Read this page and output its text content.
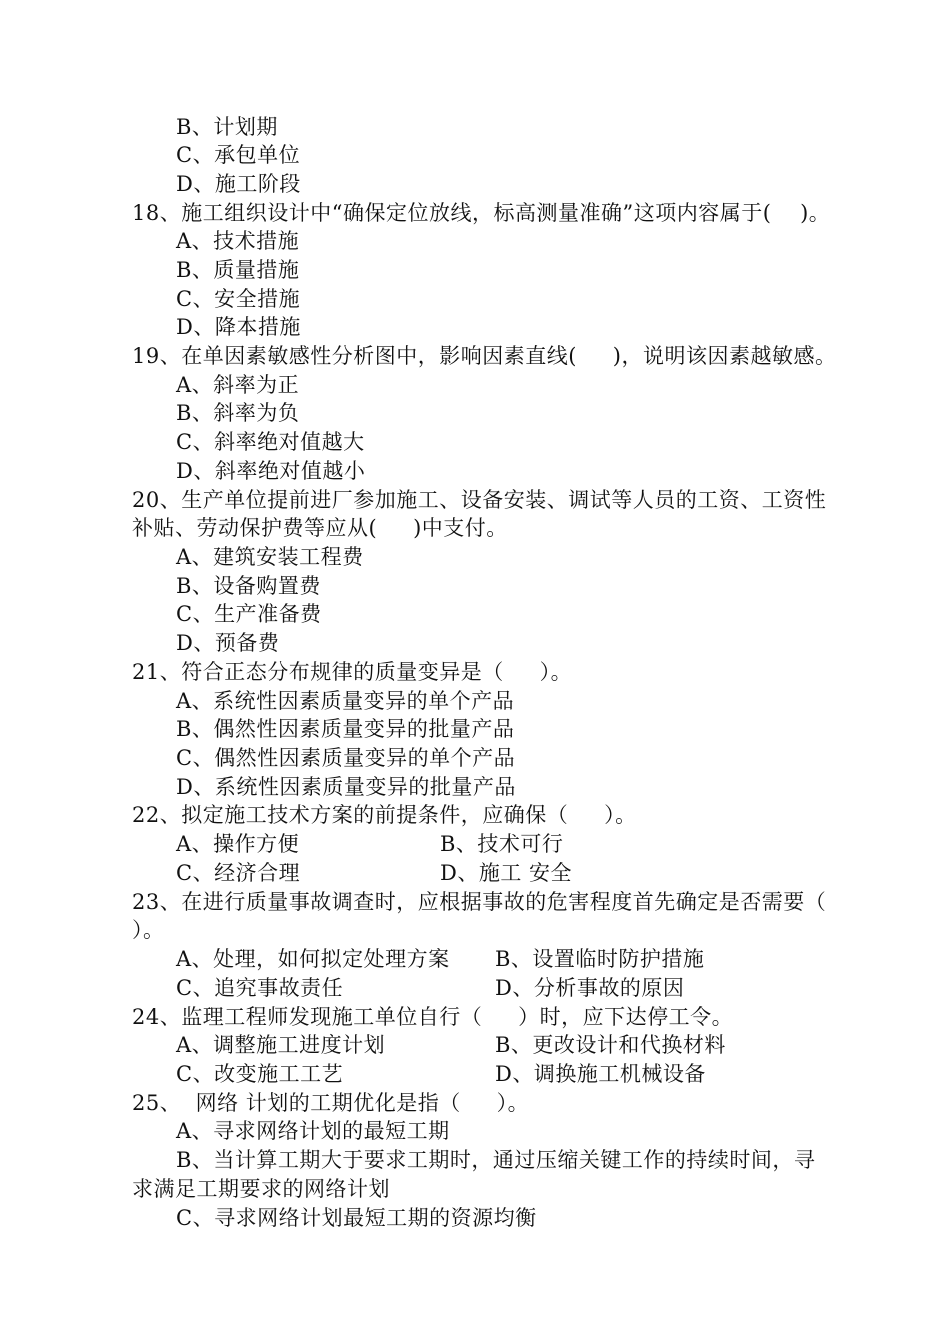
B、计划期
C、承包单位
D、施工阶段
18、施工组织设计中“确保定位放线，标高测量准确”这项内容属于(    )。
A、技术措施
B、质量措施
C、安全措施
D、降本措施
19、在单因素敏感性分析图中，影响因素直线(     )，说明该因素越敏感。
A、斜率为正
B、斜率为负
C、斜率绝对值越大
D、斜率绝对值越小
20、生产单位提前进厂参加施工、设备安装、调试等人员的工资、工资性
补贴、劳动保护费等应从(     )中支付。
A、建筑安装工程费
B、设备购置费
C、生产准备费
D、预备费
21、符合正态分布规律的质量变异是（     ）。
A、系统性因素质量变异的单个产品
B、偶然性因素质量变异的批量产品
C、偶然性因素质量变异的单个产品
D、系统性因素质量变异的批量产品
22、拟定施工技术方案的前提条件，应确保（     ）。
A、操作方便	B、技术可行
C、经济合理	D、施工 安全
23、在进行质量事故调查时，应根据事故的危害程度首先确定是否需要（
）。
A、处理，如何拟定处理方案 B、设置临时防护措施
C、追究事故责任	D、分析事故的原因
24、监理工程师发现施工单位自行（     ）时，应下达停工令。
A、调整施工进度计划	B、更改设计和代换材料
C、改变施工工艺	D、调换施工机械设备
25、  网络 计划的工期优化是指（     ）。
A、寻求网络计划的最短工期
B、当计算工期大于要求工期时，通过压缩关键工作的持续时间，寻
求满足工期要求的网络计划
C、寻求网络计划最短工期的资源均衡
